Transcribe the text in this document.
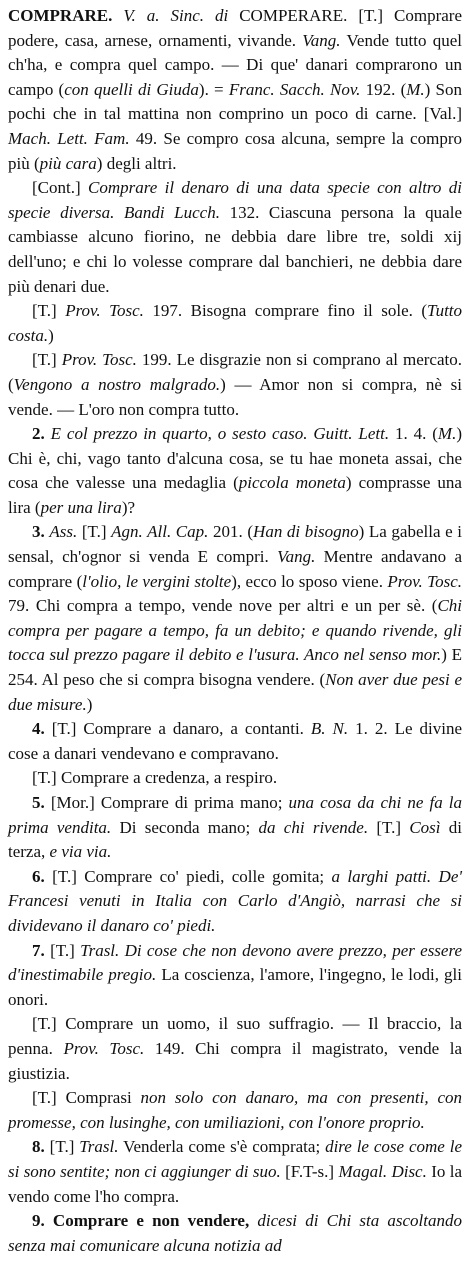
COMPRARE. V. a. Sinc. di COMPERARE. [T.] Comprare podere, casa, arnese, ornamenti, vivande. Vang. Vende tutto quel ch'ha, e compra quel campo. — Di que' danari comprarono un campo (con quelli di Giuda). = Franc. Sacch. Nov. 192. (M.) Son pochi che in tal mattina non comprino un poco di carne. [Val.] Mach. Lett. Fam. 49. Se compro cosa alcuna, sempre la compro più (più cara) degli altri.

[Cont.] Comprare il denaro di una data specie con altro di specie diversa. Bandi Lucch. 132. Ciascuna persona la quale cambiasse alcuno fiorino, ne debbia dare libre tre, soldi xij dell'uno; e chi lo volesse comprare dal banchieri, ne debbia dare più denari due.

[T.] Prov. Tosc. 197. Bisogna comprare fino il sole. (Tutto costa.)

[T.] Prov. Tosc. 199. Le disgrazie non si comprano al mercato. (Vengono a nostro malgrado.) — Amor non si compra, nè si vende. — L'oro non compra tutto.

2. E col prezzo in quarto, o sesto caso. Guitt. Lett. 1. 4. (M.) Chi è, chi, vago tanto d'alcuna cosa, se tu hae moneta assai, che cosa che valesse una medaglia (piccola moneta) comprasse una lira (per una lira)?

3. Ass. [T.] Agn. All. Cap. 201. (Han di bisogno) La gabella e i sensal, ch'ognor si venda E compri. Vang. Mentre andavano a comprare (l'olio, le vergini stolte), ecco lo sposo viene. Prov. Tosc. 79. Chi compra a tempo, vende nove per altri e un per sè. (Chi compra per pagare a tempo, fa un debito; e quando rivende, gli tocca sul prezzo pagare il debito e l'usura. Anco nel senso mor.) E 254. Al peso che si compra bisogna vendere. (Non aver due pesi e due misure.)

4. [T.] Comprare a danaro, a contanti. B. N. 1. 2. Le divine cose a danari vendevano e compravano.

[T.] Comprare a credenza, a respiro.

5. [Mor.] Comprare di prima mano; una cosa da chi ne fa la prima vendita. Di seconda mano; da chi rivende. [T.] Così di terza, e via via.

6. [T.] Comprare co' piedi, colle gomita; a larghi patti. De' Francesi venuti in Italia con Carlo d'Angiò, narrasi che si dividevano il danaro co' piedi.

7. [T.] Trasl. Di cose che non devono avere prezzo, per essere d'inestimabile pregio. La coscienza, l'amore, l'ingegno, le lodi, gli onori.

[T.] Comprare un uomo, il suo suffragio. — Il braccio, la penna. Prov. Tosc. 149. Chi compra il magistrato, vende la giustizia.

[T.] Comprasi non solo con danaro, ma con presenti, con promesse, con lusinghe, con umiliazioni, con l'onore proprio.

8. [T.] Trasl. Venderla come s'è comprata; dire le cose come le si sono sentite; non ci aggiunger di suo. [F.T-s.] Magal. Disc. Io la vendo come l'ho compra.

9. Comprare e non vendere, dicesi di Chi sta ascoltando senza mai comunicare alcuna notizia ad
